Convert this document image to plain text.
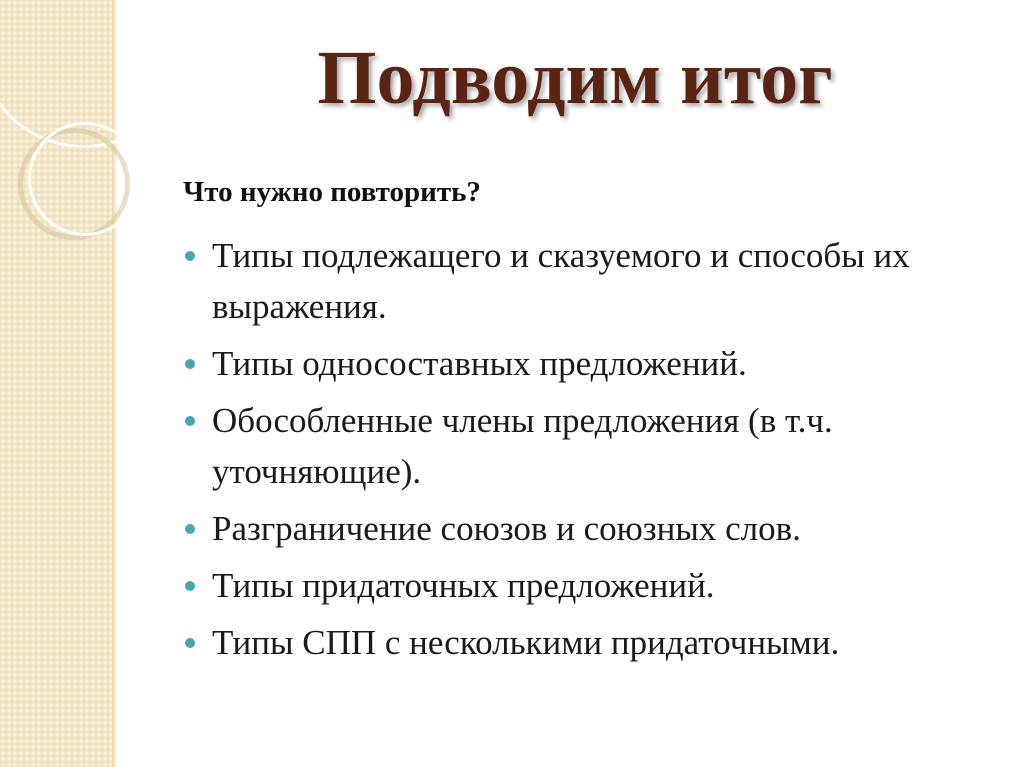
Подводим итог

Что нужно повторить?

Типы подлежащего и сказуемого и способы их выражения.
Типы односоставных предложений.
Обособленные члены предложения (в т.ч. уточняющие).
Разграничение союзов и союзных слов.
Типы придаточных предложений.
Типы СПП с несколькими придаточными.
